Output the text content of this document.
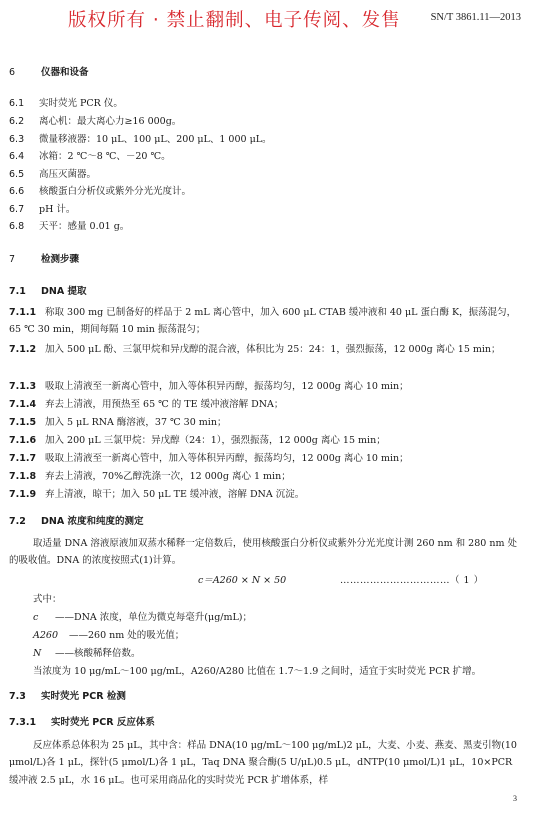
SN/T 3861.11—2013
版权所有 · 禁止翻制、电子传阅、发售
6	仪器和设备
6.1 实时荧光 PCR 仪。
6.2 离心机：最大离心力≥16 000g。
6.3 微量移液器：10 μL、100 μL、200 μL、1 000 μL。
6.4 冰箱：2 ℃～8 ℃、－20 ℃。
6.5 高压灭菌器。
6.6 核酸蛋白分析仪或紫外分光光度计。
6.7 pH 计。
6.8 天平：感量 0.01 g。
7	检测步骤
7.1 DNA 提取
7.1.1 称取 300 mg 已制备好的样品于 2 mL 离心管中，加入 600 μL CTAB 缓冲液和 40 μL 蛋白酶 K，振荡混匀，65 ℃ 30 min，期间每隔 10 min 振荡混匀；
7.1.2 加入 500 μL 酚、三氯甲烷和异戊醇的混合液，体积比为 25：24：1，强烈振荡，12 000g 离心 15 min；
7.1.3 吸取上清液至一新离心管中，加入等体积异丙醇，振荡均匀，12 000g 离心 10 min；
7.1.4 弃去上清液，用预热至 65 ℃ 的 TE 缓冲液溶解 DNA；
7.1.5 加入 5 μL RNA 酶溶液，37 ℃ 30 min；
7.1.6 加入 200 μL 三氯甲烷：异戊醇（24：1），强烈振荡，12 000g 离心 15 min；
7.1.7 吸取上清液至一新离心管中，加入等体积异丙醇，振荡均匀，12 000g 离心 10 min；
7.1.8 弃去上清液，70%乙醇洗涤一次，12 000g 离心 1 min；
7.1.9 弃上清液，晾干；加入 50 μL TE 缓冲液，溶解 DNA 沉淀。
7.2 DNA 浓度和纯度的测定
取适量 DNA 溶液原液加双蒸水稀释一定倍数后，使用核酸蛋白分析仪或紫外分光光度计测 260 nm 和 280 nm 处的吸收值。DNA 的浓度按照式(1)计算。
c＝A260 × N × 50	……………………………（ 1 ）
式中：
c ——DNA 浓度，单位为微克每毫升(μg/mL)；
A260 ——260 nm 处的吸光值；
N ——核酸稀释倍数。
当浓度为 10 μg/mL～100 μg/mL，A260/A280 比值在 1.7～1.9 之间时，适宜于实时荧光 PCR 扩增。
7.3 实时荧光 PCR 检测
7.3.1 实时荧光 PCR 反应体系
反应体系总体积为 25 μL，其中含：样品 DNA(10 μg/mL～100 μg/mL)2 μL，大麦、小麦、燕麦、黑麦引物(10 μmol/L)各 1 μL，探针(5 μmol/L)各 1 μL，Taq DNA 聚合酶(5 U/μL)0.5 μL，dNTP(10 μmol/L)1 μL，10×PCR 缓冲液 2.5 μL，水 16 μL。也可采用商品化的实时荧光 PCR 扩增体系，样
3
